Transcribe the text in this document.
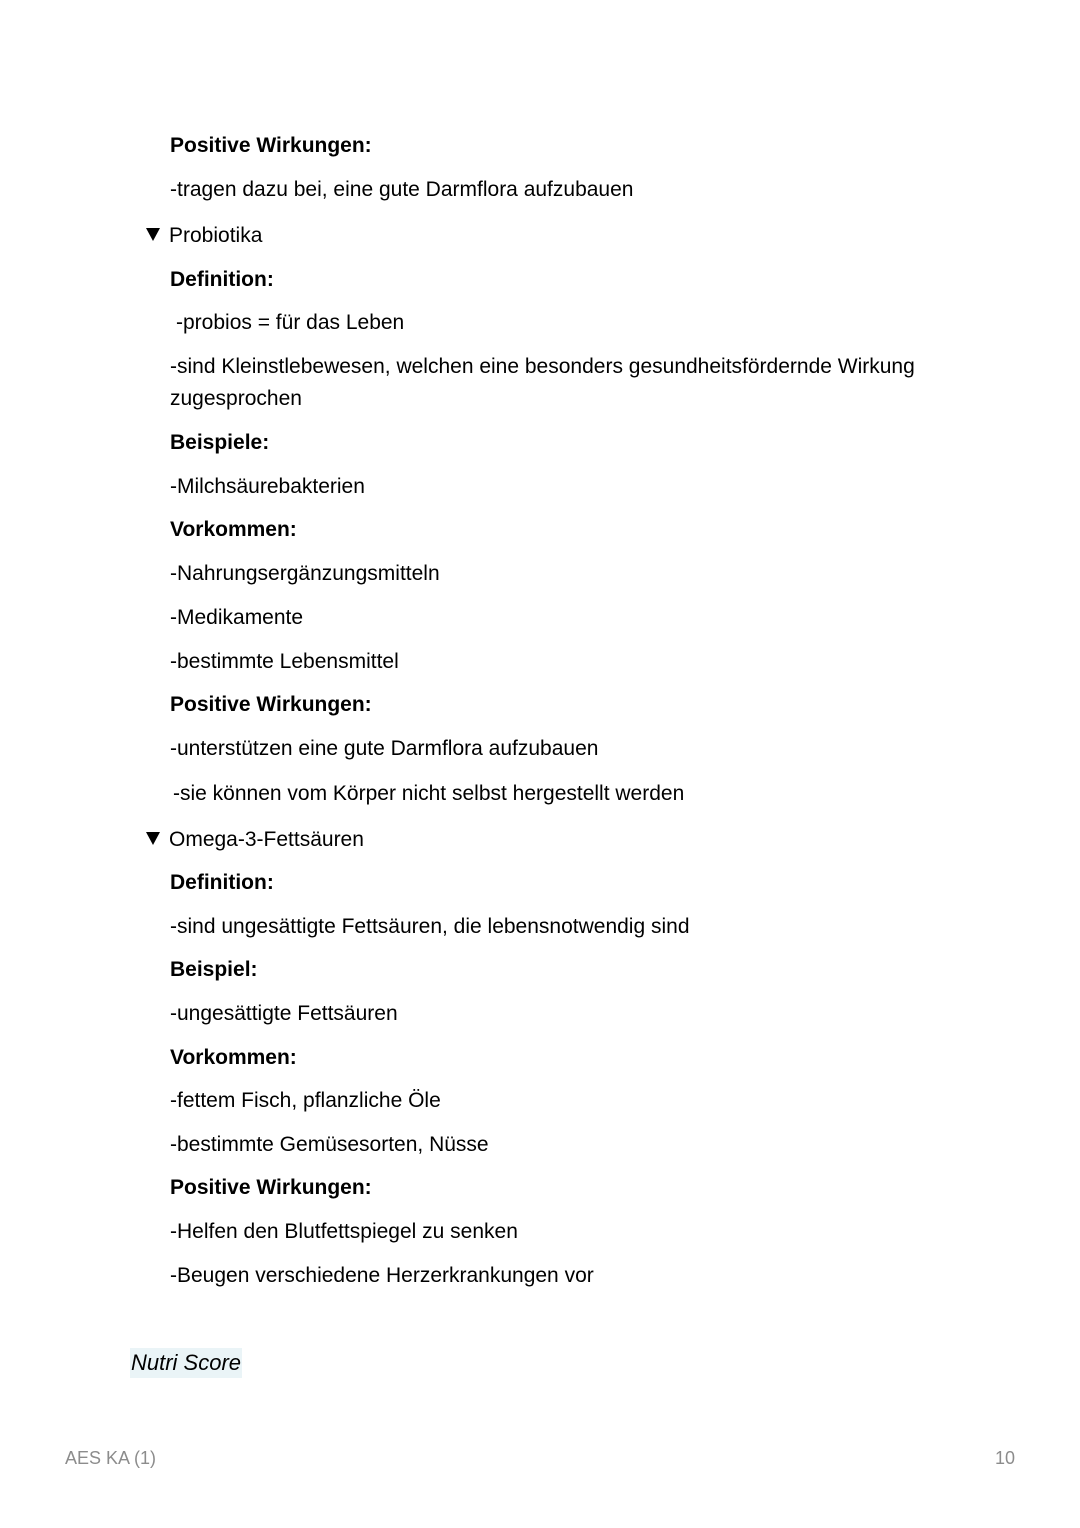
Positive Wirkungen:
-tragen dazu bei, eine gute Darmflora aufzubauen
Probiotika
Definition:
-probios = für das Leben
-sind Kleinstlebewesen, welchen eine besonders gesundheitsfördernde Wirkung zugesprochen
Beispiele:
-Milchsäurebakterien
Vorkommen:
-Nahrungsergänzungsmitteln
-Medikamente
-bestimmte Lebensmittel
Positive Wirkungen:
-unterstützen eine gute Darmflora aufzubauen
-sie können vom Körper nicht selbst hergestellt werden
Omega-3-Fettsäuren
Definition:
-sind ungesättigte Fettsäuren, die lebensnotwendig sind
Beispiel:
-ungesättigte Fettsäuren
Vorkommen:
-fettem Fisch, pflanzliche Öle
-bestimmte Gemüsesorten, Nüsse
Positive Wirkungen:
-Helfen den Blutfettspiegel zu senken
-Beugen verschiedene Herzerkrankungen vor
Nutri Score
AES KA (1)	10
